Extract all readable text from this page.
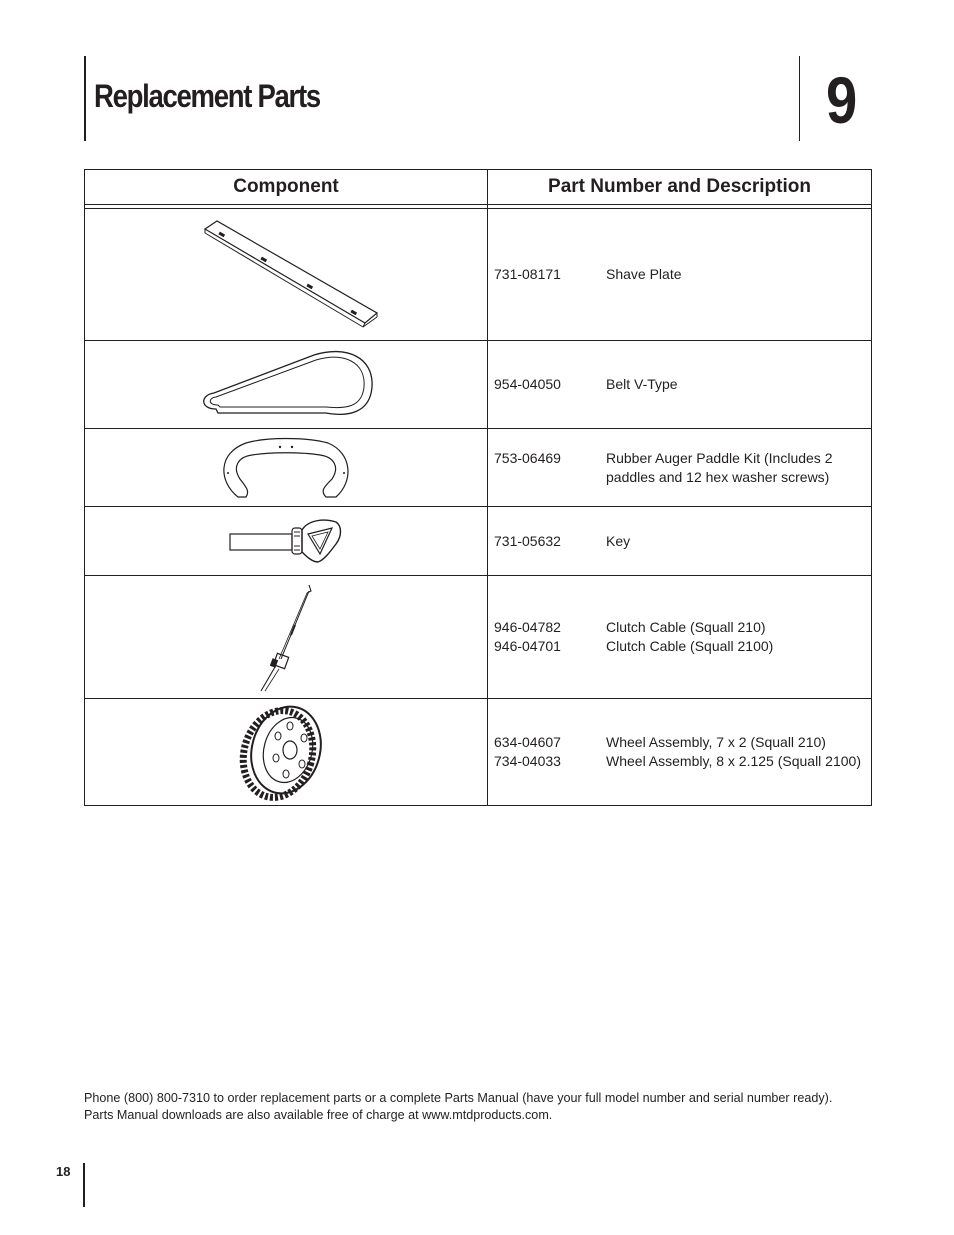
Replacement Parts	9
Component	Part Number and Description

731-08171 Shave Plate

954-04050 Belt V-Type

753-06469 Rubber Auger Paddle Kit (Includes 2 paddles and 12 hex washer screws)

731-05632 Key

946-04782 Clutch Cable (Squall 210)
946-04701 Clutch Cable (Squall 2100)

634-04607 Wheel Assembly, 7 x 2 (Squall 210)
734-04033 Wheel Assembly, 8 x 2.125 (Squall 2100)
Phone (800) 800-7310 to order replacement parts or a complete Parts Manual (have your full model number and serial number ready).
Parts Manual downloads are also available free of charge at www.mtdproducts.com.
18
